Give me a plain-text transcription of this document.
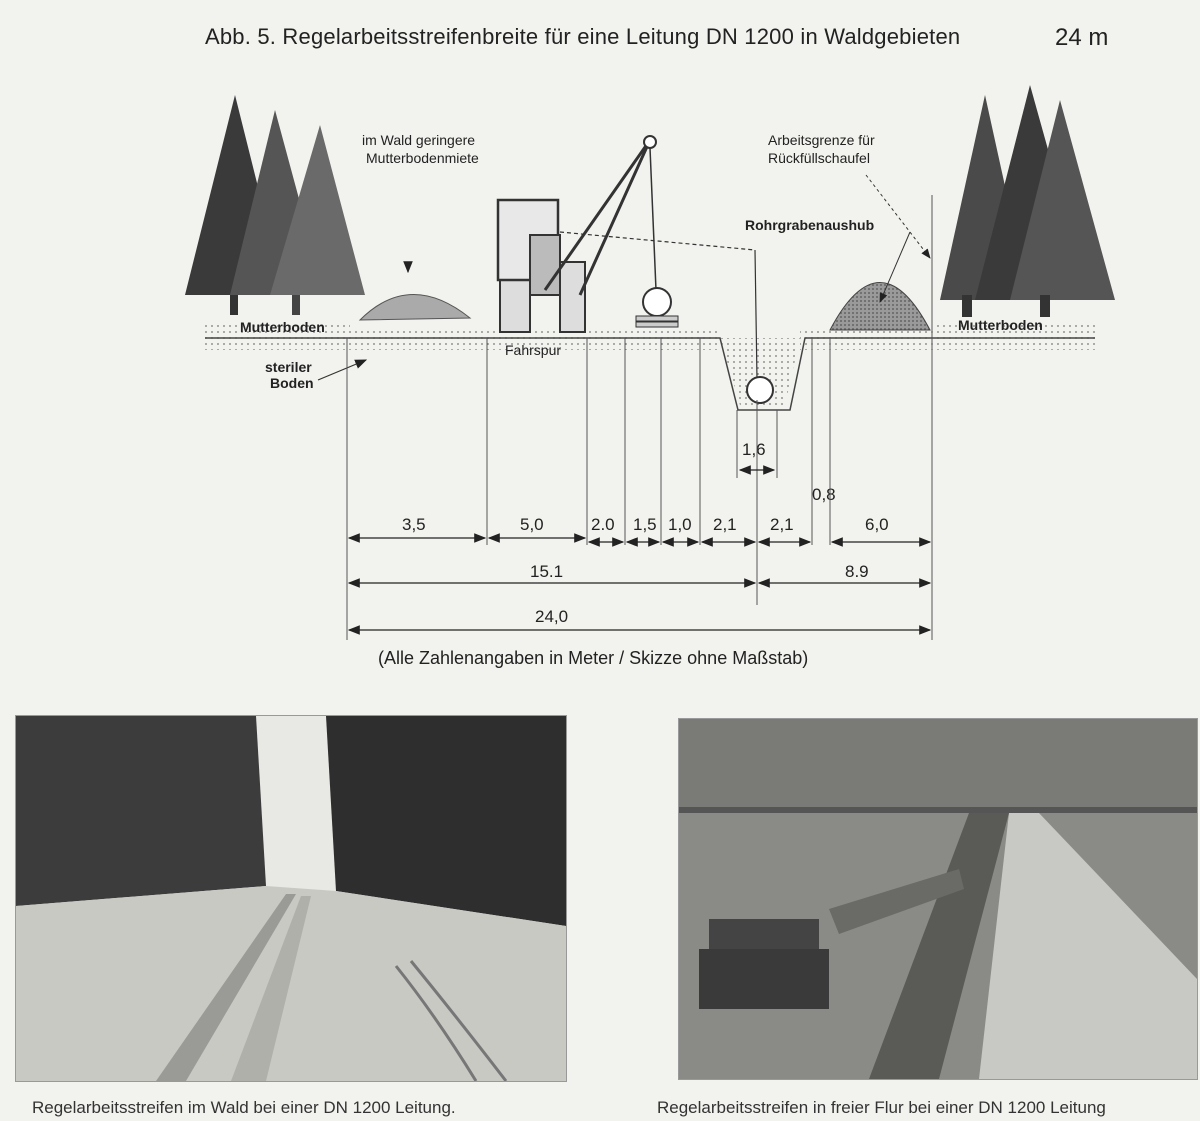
Abb. 5. Regelarbeitsstreifenbreite für eine Leitung DN 1200 in Waldgebieten	24 m
im Wald geringere
Mutterbodenmiete
Arbeitsgrenze für
Rückfüllschaufel
Rohrgrabenaushub
Mutterboden	Mutterboden
steriler
Boden
Fahrspur
1,6
0,8
3,5	5,0	2.0 1,5 1,0 2,1 2,1	6,0
15.1	8.9
24,0
(Alle Zahlenangaben in Meter / Skizze ohne Maßstab)
Regelarbeitsstreifen im Wald bei einer DN 1200 Leitung.	Regelarbeitsstreifen in freier Flur bei einer DN 1200 Leitung
